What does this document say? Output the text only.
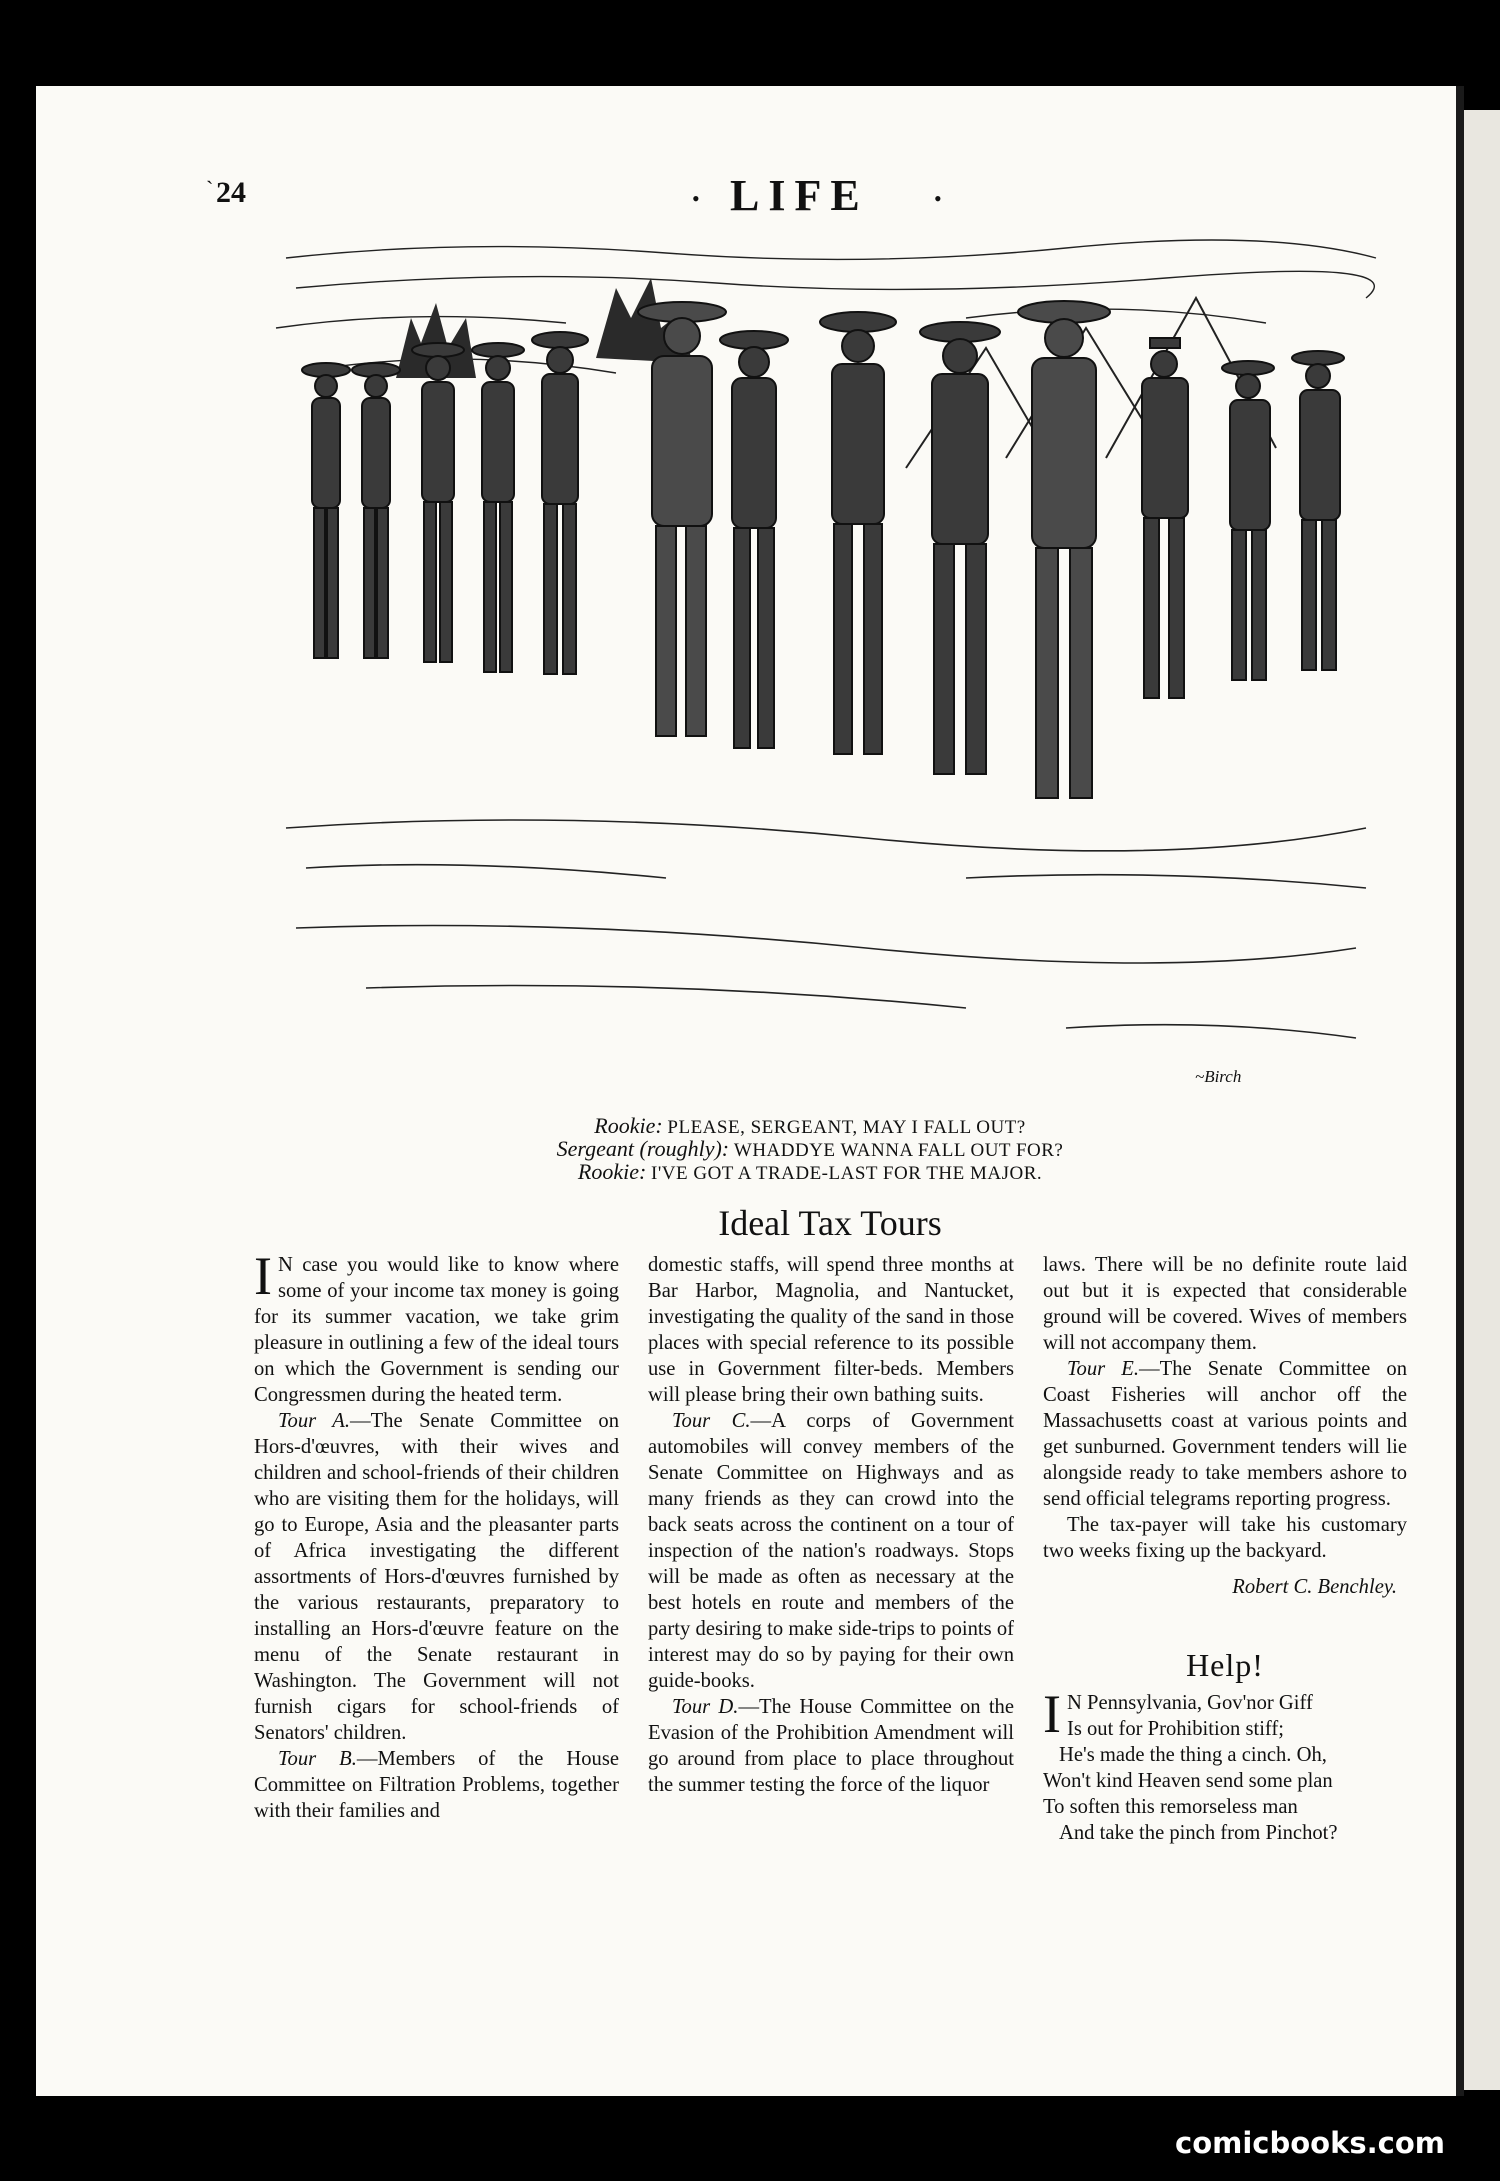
` 24	• LIFE	•
~Birch
Rookie: PLEASE, SERGEANT, MAY I FALL OUT?
Sergeant (roughly): WHADDYE WANNA FALL OUT FOR?
Rookie: I'VE GOT A TRADE-LAST FOR THE MAJOR.
Ideal Tax Tours

I N case you would like to know where some of your income tax money is going for its summer vacation, we take grim pleasure in outlining a few of the ideal tours on which the Government is sending our Congressmen during the heated term.

Tour A.—The Senate Committee on Hors-d'œuvres, with their wives and children and school-friends of their children who are visiting them for the holidays, will go to Europe, Asia and the pleasanter parts of Africa investigating the different assortments of Hors-d'œuvres furnished by the various restaurants, preparatory to installing an Hors-d'œuvre feature on the menu of the Senate restaurant in Washington. The Government will not furnish cigars for school-friends of Senators' children.

Tour B.—Members of the House Committee on Filtration Problems, together with their families and

domestic staffs, will spend three months at Bar Harbor, Magnolia, and Nantucket, investigating the quality of the sand in those places with special reference to its possible use in Government filter-beds. Members will please bring their own bathing suits.

Tour C.—A corps of Government automobiles will convey members of the Senate Committee on Highways and as many friends as they can crowd into the back seats across the continent on a tour of inspection of the nation's roadways. Stops will be made as often as necessary at the best hotels en route and members of the party desiring to make side-trips to points of interest may do so by paying for their own guide-books.

Tour D.—The House Committee on the Evasion of the Prohibition Amendment will go around from place to place throughout the summer testing the force of the liquor

laws. There will be no definite route laid out but it is expected that considerable ground will be covered. Wives of members will not accompany them.

Tour E.—The Senate Committee on Coast Fisheries will anchor off the Massachusetts coast at various points and get sunburned. Government tenders will lie alongside ready to take members ashore to send official telegrams reporting progress.

The tax-payer will take his customary two weeks fixing up the backyard.

Robert C. Benchley.
Help!
I N Pennsylvania, Gov'nor Giff
Is out for Prohibition stiff;
He's made the thing a cinch. Oh,
Won't kind Heaven send some plan
To soften this remorseless man
And take the pinch from Pinchot?
comicbooks.com
